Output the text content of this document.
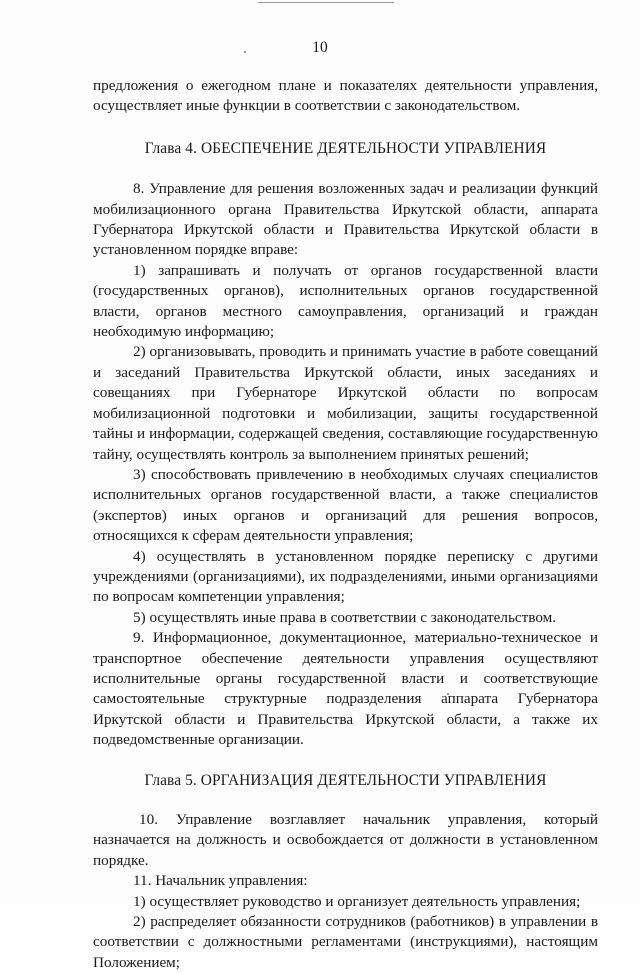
10

предложения о ежегодном плане и показателях деятельности управления, осуществляет иные функции в соответствии с законодательством.

Глава 4. ОБЕСПЕЧЕНИЕ ДЕЯТЕЛЬНОСТИ УПРАВЛЕНИЯ

8. Управление для решения возложенных задач и реализации функций мобилизационного органа Правительства Иркутской области, аппарата Губернатора Иркутской области и Правительства Иркутской области в установленном порядке вправе:

1) запрашивать и получать от органов государственной власти (государственных органов), исполнительных органов государственной власти, органов местного самоуправления, организаций и граждан необходимую информацию;

2) организовывать, проводить и принимать участие в работе совещаний и заседаний Правительства Иркутской области, иных заседаниях и совещаниях при Губернаторе Иркутской области по вопросам мобилизационной подготовки и мобилизации, защиты государственной тайны и информации, содержащей сведения, составляющие государственную тайну, осуществлять контроль за выполнением принятых решений;

3) способствовать привлечению в необходимых случаях специалистов исполнительных органов государственной власти, а также специалистов (экспертов) иных органов и организаций для решения вопросов, относящихся к сферам деятельности управления;

4) осуществлять в установленном порядке переписку с другими учреждениями (организациями), их подразделениями, иными организациями по вопросам компетенции управления;

5) осуществлять иные права в соответствии с законодательством.

9. Информационное, документационное, материально-техническое и транспортное обеспечение деятельности управления осуществляют исполнительные органы государственной власти и соответствующие самостоятельные структурные подразделения аппарата Губернатора Иркутской области и Правительства Иркутской области, а также их подведомственные организации.

Глава 5. ОРГАНИЗАЦИЯ ДЕЯТЕЛЬНОСТИ УПРАВЛЕНИЯ

10. Управление возглавляет начальник управления, который назначается на должность и освобождается от должности в установленном порядке.

11. Начальник управления:

1) осуществляет руководство и организует деятельность управления;

2) распределяет обязанности сотрудников (работников) в управлении в соответствии с должностными регламентами (инструкциями), настоящим Положением;
